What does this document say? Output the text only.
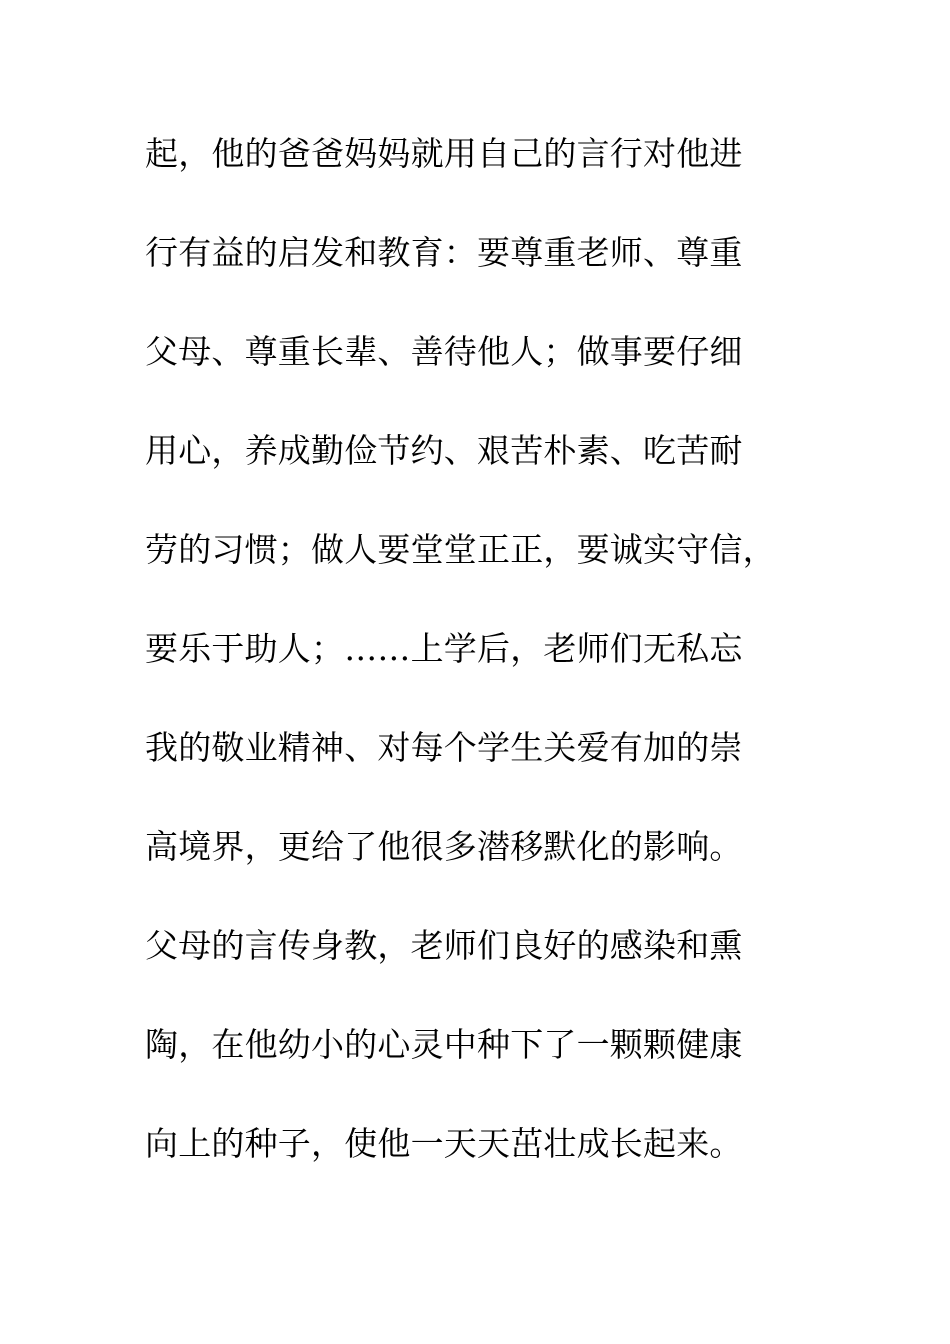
起，他的爸爸妈妈就用自己的言行对他进
行有益的启发和教育：要尊重老师、尊重
父母、尊重长辈、善待他人；做事要仔细
用心，养成勤俭节约、艰苦朴素、吃苦耐
劳的习惯；做人要堂堂正正，要诚实守信，
要乐于助人；……上学后，老师们无私忘
我的敬业精神、对每个学生关爱有加的崇
高境界，更给了他很多潜移默化的影响。
父母的言传身教，老师们良好的感染和熏
陶，在他幼小的心灵中种下了一颗颗健康
向上的种子，使他一天天茁壮成长起来。
